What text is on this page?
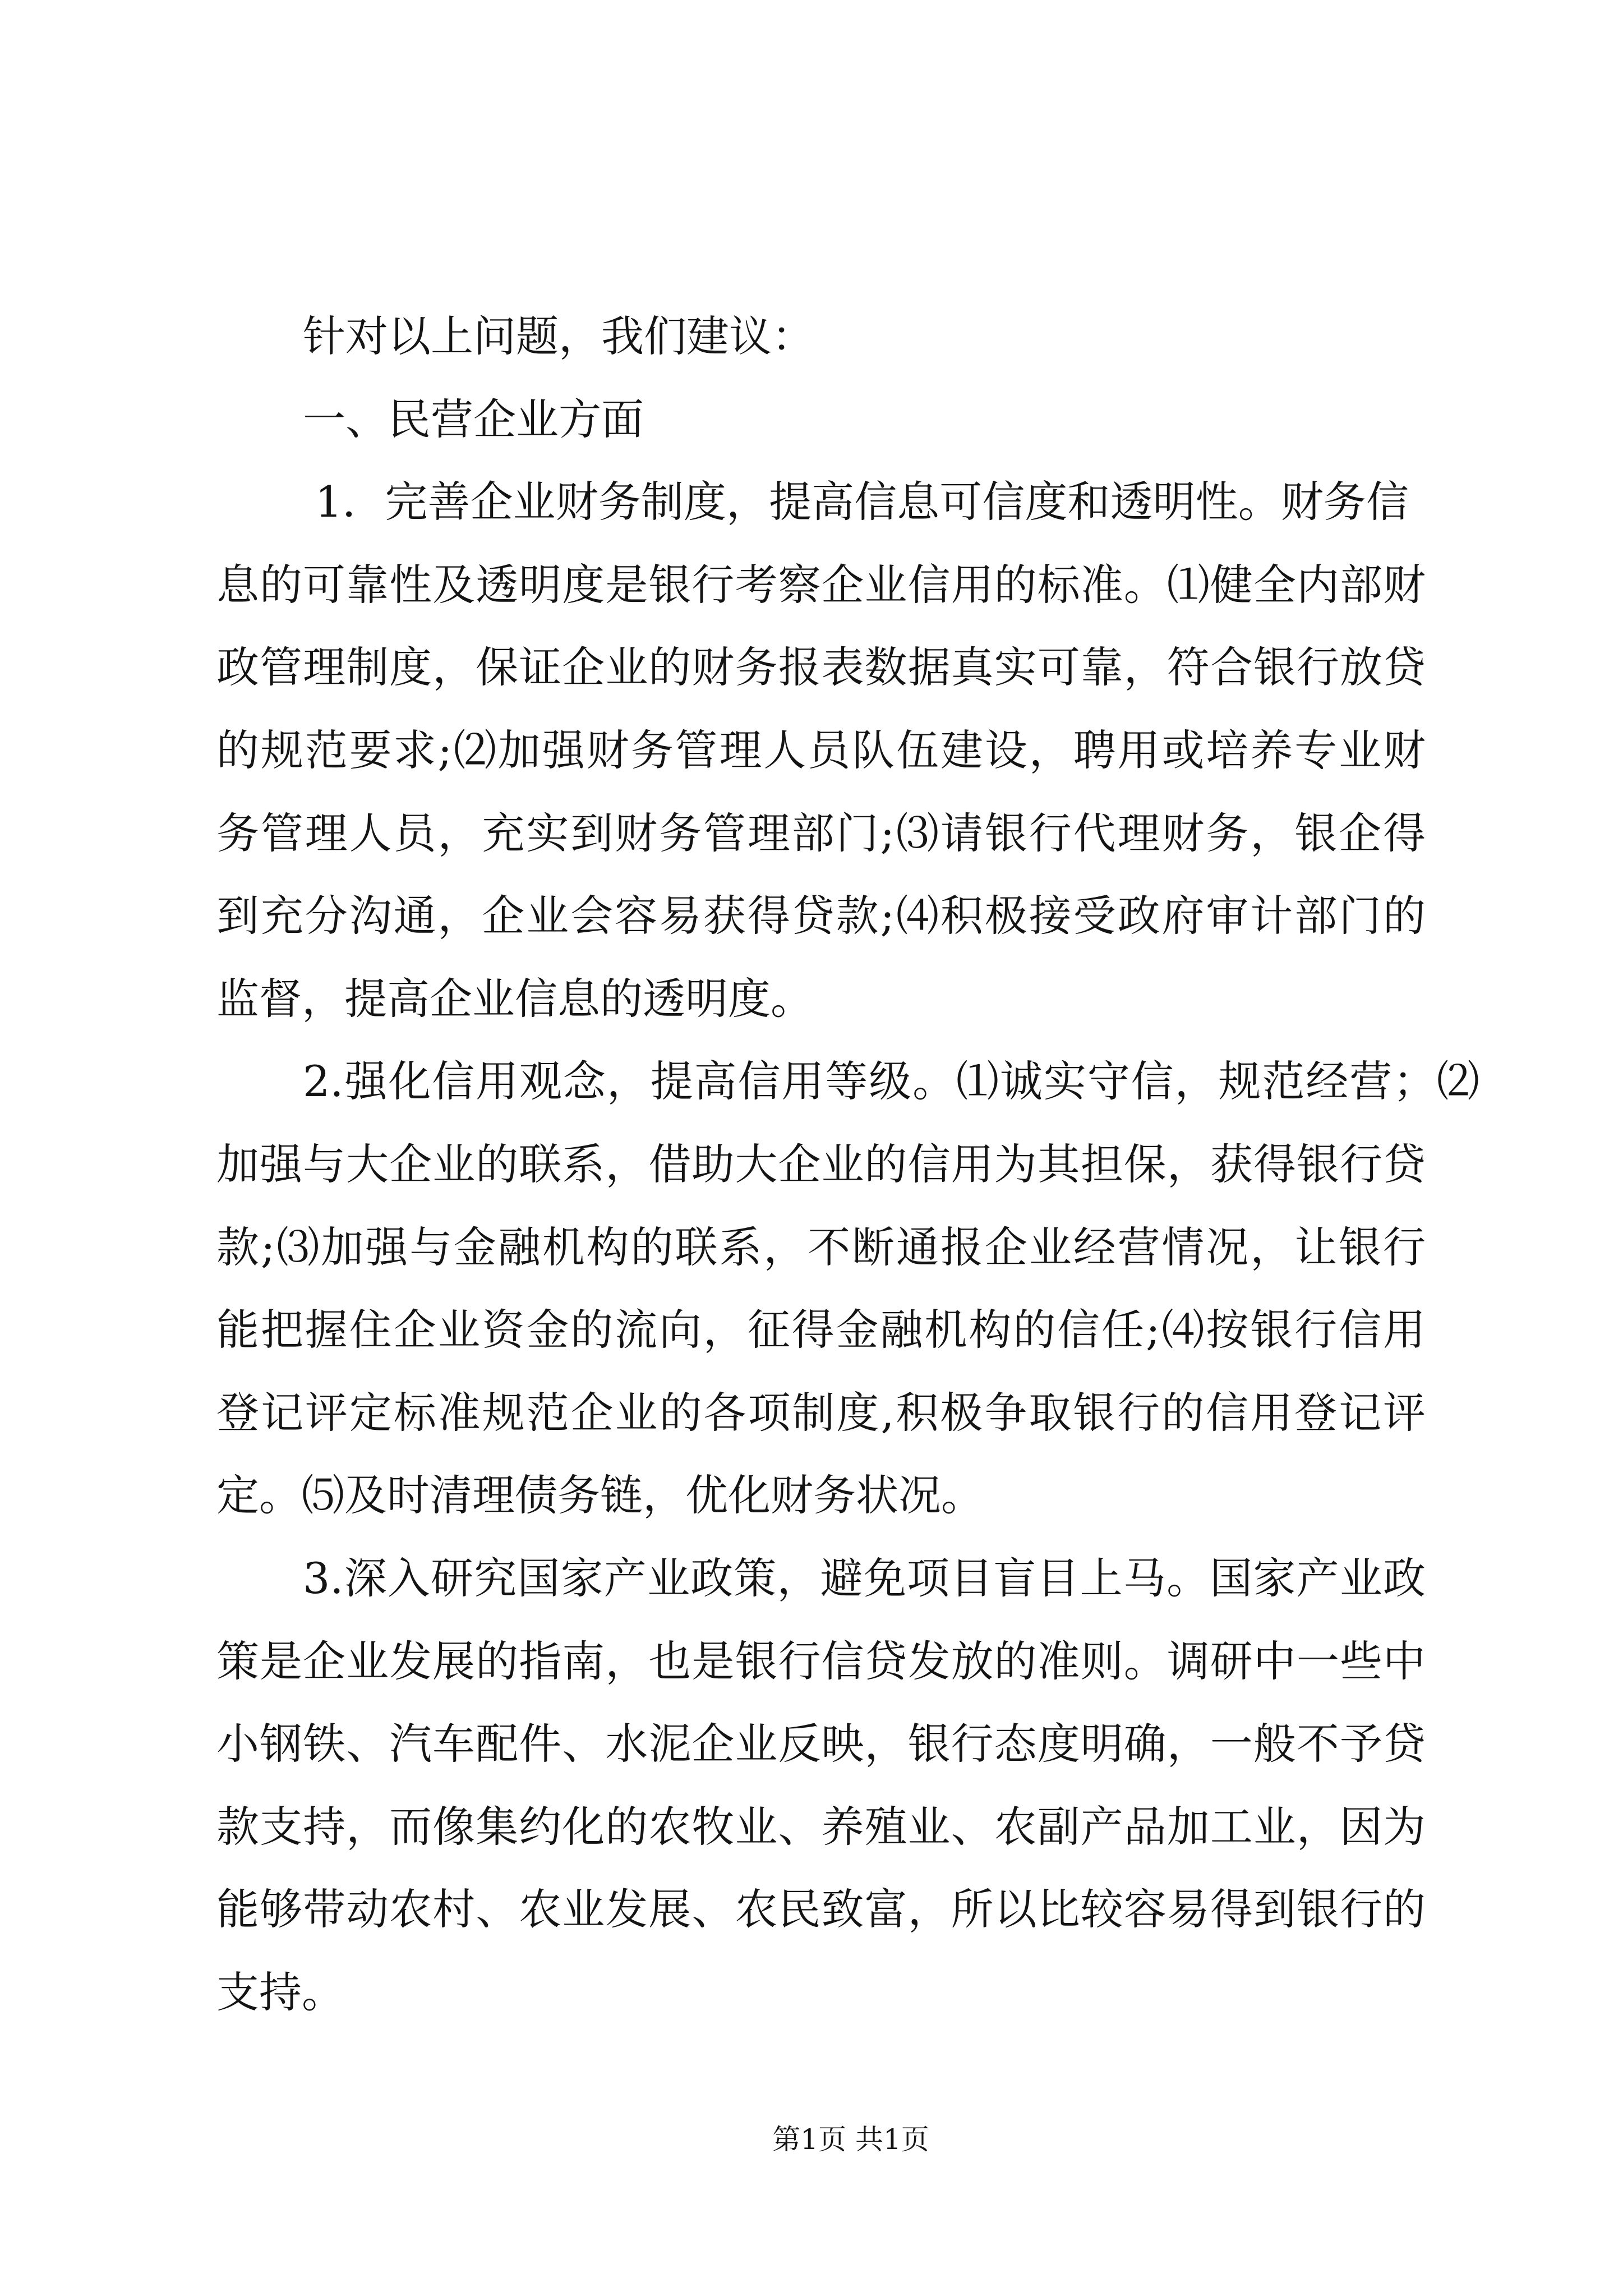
针对以上问题，我们建议：
一、民营企业方面
1．完善企业财务制度，提高信息可信度和透明性。财务信
息的可靠性及透明度是银行考察企业信用的标准。⑴健全内部财
政管理制度，保证企业的财务报表数据真实可靠，符合银行放贷
的规范要求;⑵加强财务管理人员队伍建设，聘用或培养专业财
务管理人员，充实到财务管理部门;⑶请银行代理财务，银企得
到充分沟通，企业会容易获得贷款;⑷积极接受政府审计部门的
监督，提高企业信息的透明度。
2.强化信用观念，提高信用等级。⑴诚实守信，规范经营；⑵
加强与大企业的联系，借助大企业的信用为其担保，获得银行贷
款;⑶加强与金融机构的联系，不断通报企业经营情况，让银行
能把握住企业资金的流向，征得金融机构的信任;⑷按银行信用
登记评定标准规范企业的各项制度,积极争取银行的信用登记评
定。⑸及时清理债务链，优化财务状况。
3.深入研究国家产业政策，避免项目盲目上马。国家产业政
策是企业发展的指南，也是银行信贷发放的准则。调研中一些中
小钢铁、汽车配件、水泥企业反映，银行态度明确，一般不予贷
款支持，而像集约化的农牧业、养殖业、农副产品加工业，因为
能够带动农村、农业发展、农民致富，所以比较容易得到银行的
支持。
第1页 共1页
